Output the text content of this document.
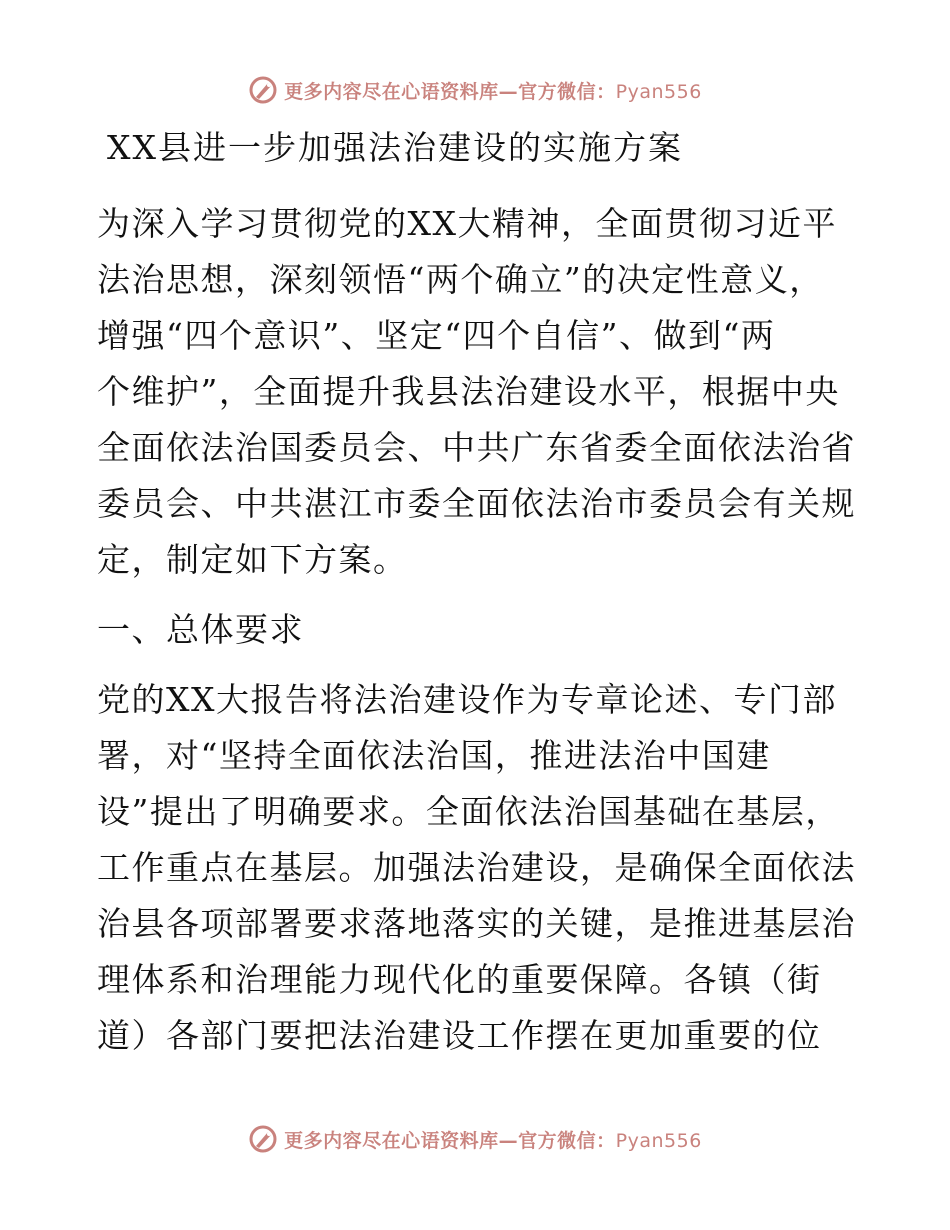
更多内容尽在心语资料库—官方微信：Pyan556
XX县进一步加强法治建设的实施方案

为深入学习贯彻党的XX大精神，全面贯彻习近平
法治思想，深刻领悟“两个确立”的决定性意义，
增强“四个意识”、坚定“四个自信”、做到“两
个维护”，全面提升我县法治建设水平，根据中央
全面依法治国委员会、中共广东省委全面依法治省
委员会、中共湛江市委全面依法治市委员会有关规
定，制定如下方案。

一、总体要求

党的XX大报告将法治建设作为专章论述、专门部
署，对“坚持全面依法治国，推进法治中国建
设”提出了明确要求。全面依法治国基础在基层，
工作重点在基层。加强法治建设，是确保全面依法
治县各项部署要求落地落实的关键，是推进基层治
理体系和治理能力现代化的重要保障。各镇（街
道）各部门要把法治建设工作摆在更加重要的位

更多内容尽在心语资料库—官方微信：Pyan556
